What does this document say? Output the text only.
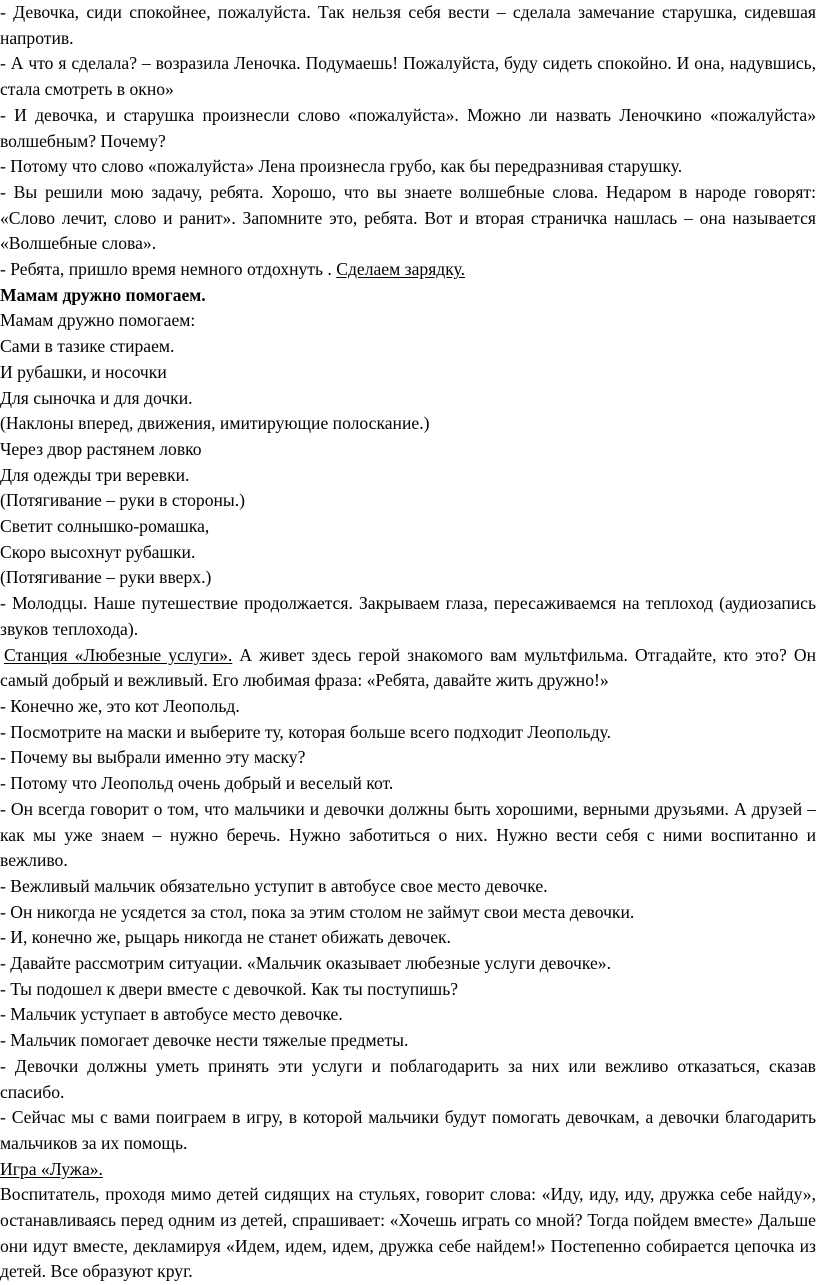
- Девочка, сиди спокойнее, пожалуйста. Так нельзя себя вести – сделала замечание старушка, сидевшая напротив.

- А что я сделала? – возразила Леночка. Подумаешь! Пожалуйста, буду сидеть спокойно. И она, надувшись, стала смотреть в окно»

- И девочка, и старушка произнесли слово «пожалуйста». Можно ли назвать Леночкино «пожалуйста» волшебным? Почему?

- Потому что слово «пожалуйста» Лена произнесла грубо, как бы передразнивая старушку.

- Вы решили мою задачу, ребята. Хорошо, что вы знаете волшебные слова. Недаром в народе говорят: «Слово лечит, слово и ранит». Запомните это, ребята. Вот и вторая страничка нашлась – она называется «Волшебные слова».

- Ребята, пришло время немного отдохнуть . Сделаем зарядку.

Мамам дружно помогаем.

Мамам дружно помогаем:

Сами в тазике стираем.

И рубашки, и носочки

Для сыночка и для дочки.

(Наклоны вперед, движения, имитирующие полоскание.)

Через двор растянем ловко

Для одежды три веревки.

(Потягивание – руки в стороны.)

Светит солнышко-ромашка,

Скоро высохнут рубашки.

(Потягивание – руки вверх.)

- Молодцы. Наше путешествие продолжается. Закрываем глаза, пересаживаемся на теплоход (аудиозапись звуков теплохода).

Станция «Любезные услуги». А живет здесь герой знакомого вам мультфильма. Отгадайте, кто это? Он самый добрый и вежливый. Его любимая фраза: «Ребята, давайте жить дружно!»

- Конечно же, это кот Леопольд.

- Посмотрите на маски и выберите ту, которая больше всего подходит Леопольду.

- Почему вы выбрали именно эту маску?

- Потому что Леопольд очень добрый и веселый кот.

- Он всегда говорит о том, что мальчики и девочки должны быть хорошими, верными друзьями. А друзей – как мы уже знаем – нужно беречь. Нужно заботиться о них. Нужно вести себя с ними воспитанно и вежливо.

- Вежливый мальчик обязательно уступит в автобусе свое место девочке.

- Он никогда не усядется за стол, пока за этим столом не займут свои места девочки.

- И, конечно же, рыцарь никогда не станет обижать девочек.

- Давайте рассмотрим ситуации. «Мальчик оказывает любезные услуги девочке».

- Ты подошел к двери вместе с девочкой. Как ты поступишь?

- Мальчик уступает в автобусе место девочке.

- Мальчик помогает девочке нести тяжелые предметы.

- Девочки должны уметь принять эти услуги и поблагодарить за них или вежливо отказаться, сказав спасибо.

- Сейчас мы с вами поиграем в игру, в которой мальчики будут помогать девочкам, а девочки благодарить мальчиков за их помощь.

Игра «Лужа».

Воспитатель, проходя мимо детей сидящих на стульях, говорит слова: «Иду, иду, иду, дружка себе найду», останавливаясь перед одним из детей, спрашивает: «Хочешь играть со мной? Тогда пойдем вместе» Дальше они идут вместе, декламируя «Идем, идем, идем, дружка себе найдем!» Постепенно собирается цепочка из детей. Все образуют круг.
